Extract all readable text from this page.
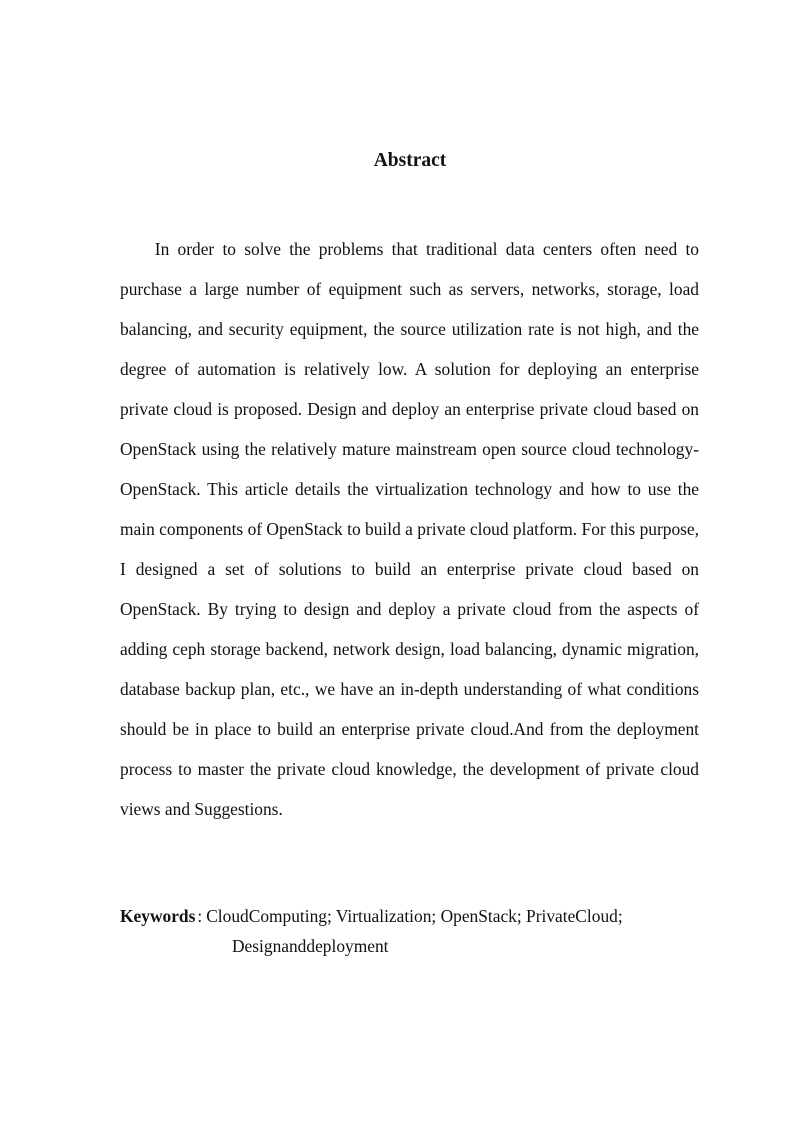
Abstract

In order to solve the problems that traditional data centers often need to purchase a large number of equipment such as servers, networks, storage, load balancing, and security equipment, the source utilization rate is not high, and the degree of automation is relatively low. A solution for deploying an enterprise private cloud is proposed. Design and deploy an enterprise private cloud based on OpenStack using the relatively mature mainstream open source cloud technology-OpenStack. This article details the virtualization technology and how to use the main components of OpenStack to build a private cloud platform. For this purpose, I designed a set of solutions to build an enterprise private cloud based on OpenStack. By trying to design and deploy a private cloud from the aspects of adding ceph storage backend, network design, load balancing, dynamic migration, database backup plan, etc., we have an in-depth understanding of what conditions should be in place to build an enterprise private cloud.And from the deployment process to master the private cloud knowledge, the development of private cloud views and Suggestions.

Keywords : CloudComputing; Virtualization; OpenStack; PrivateCloud;

Designanddeployment
